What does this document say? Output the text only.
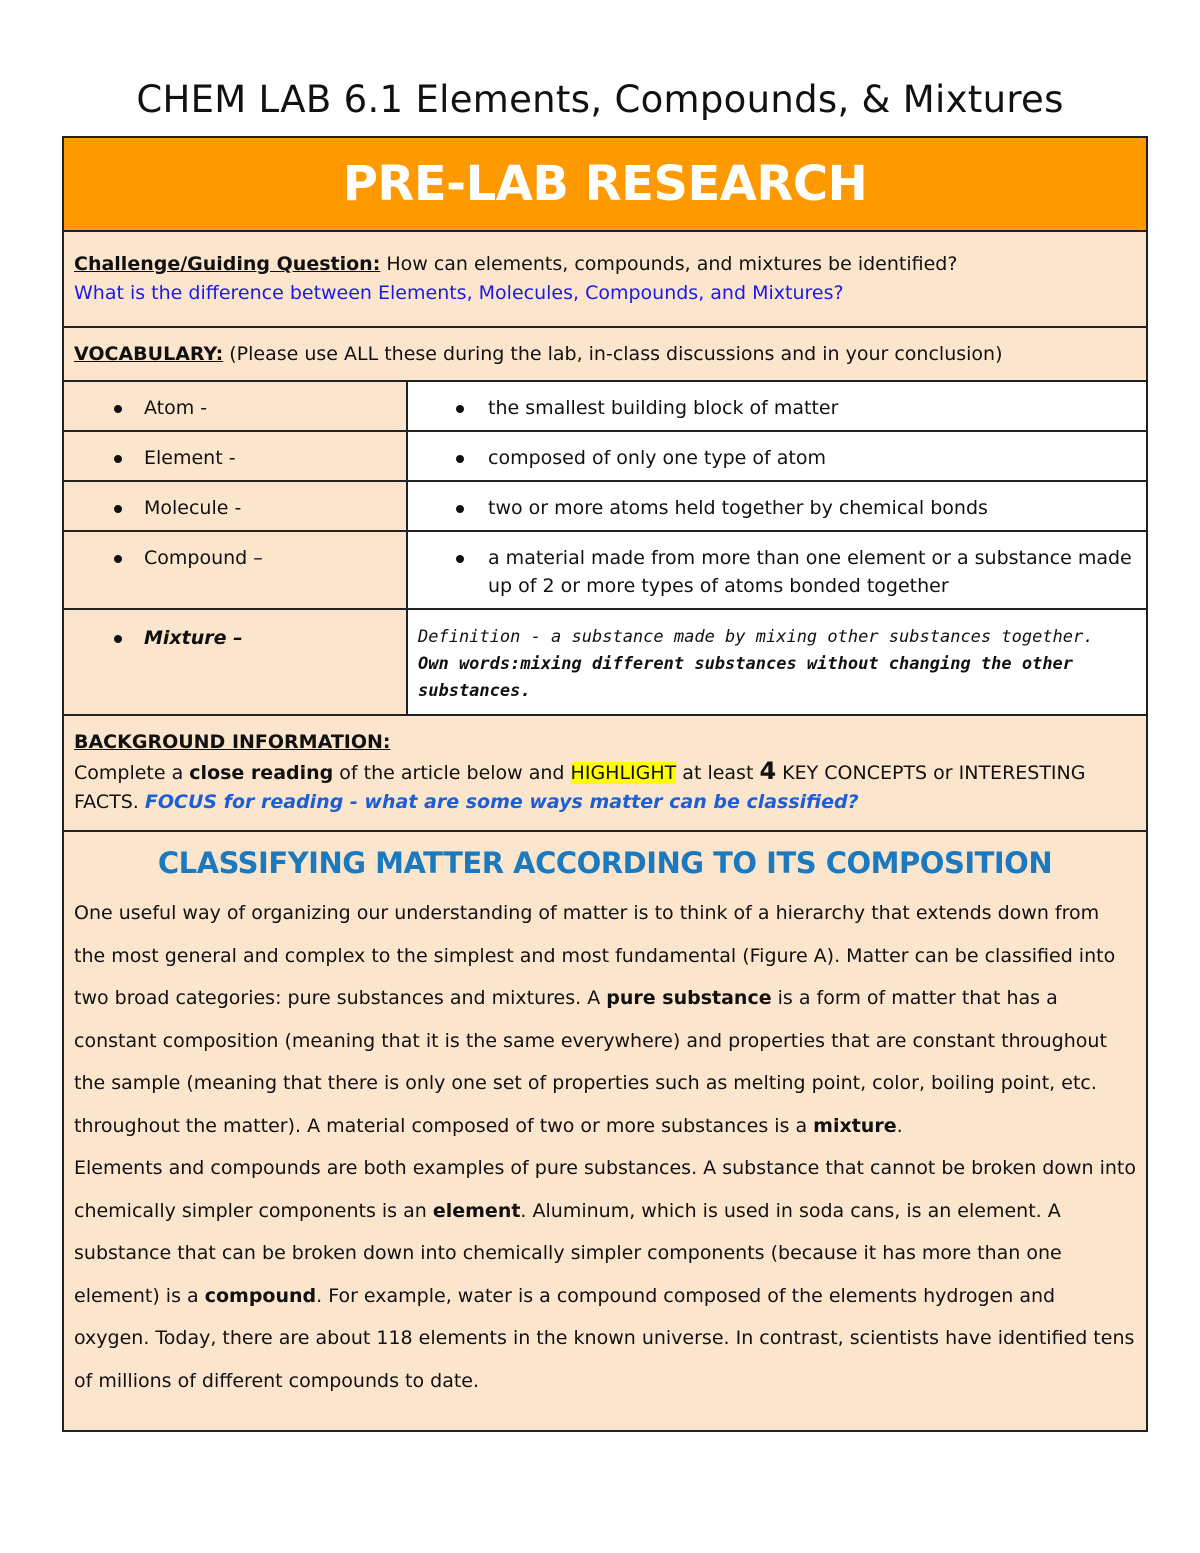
CHEM LAB 6.1 Elements, Compounds, & Mixtures
PRE-LAB RESEARCH
Challenge/Guiding Question: How can elements, compounds, and mixtures be identified?
What is the difference between Elements, Molecules, Compounds, and Mixtures?
VOCABULARY: (Please use ALL these during the lab, in-class discussions and in your conclusion)
Atom -	the smallest building block of matter
Element -	composed of only one type of atom
Molecule -	two or more atoms held together by chemical bonds
Compound –	a material made from more than one element or a substance made up of 2 or more types of atoms bonded together
Mixture –	Definition - a substance made by mixing other substances together.
Own words:mixing different substances without changing the other substances.
BACKGROUND INFORMATION:
Complete a close reading of the article below and HIGHLIGHT at least 4 KEY CONCEPTS or INTERESTING FACTS. FOCUS for reading - what are some ways matter can be classified?
CLASSIFYING MATTER ACCORDING TO ITS COMPOSITION
One useful way of organizing our understanding of matter is to think of a hierarchy that extends down from the most general and complex to the simplest and most fundamental (Figure A). Matter can be classified into two broad categories: pure substances and mixtures. A pure substance is a form of matter that has a constant composition (meaning that it is the same everywhere) and properties that are constant throughout the sample (meaning that there is only one set of properties such as melting point, color, boiling point, etc. throughout the matter). A material composed of two or more substances is a mixture.
Elements and compounds are both examples of pure substances. A substance that cannot be broken down into chemically simpler components is an element. Aluminum, which is used in soda cans, is an element. A substance that can be broken down into chemically simpler components (because it has more than one element) is a compound. For example, water is a compound composed of the elements hydrogen and oxygen. Today, there are about 118 elements in the known universe. In contrast, scientists have identified tens of millions of different compounds to date.
